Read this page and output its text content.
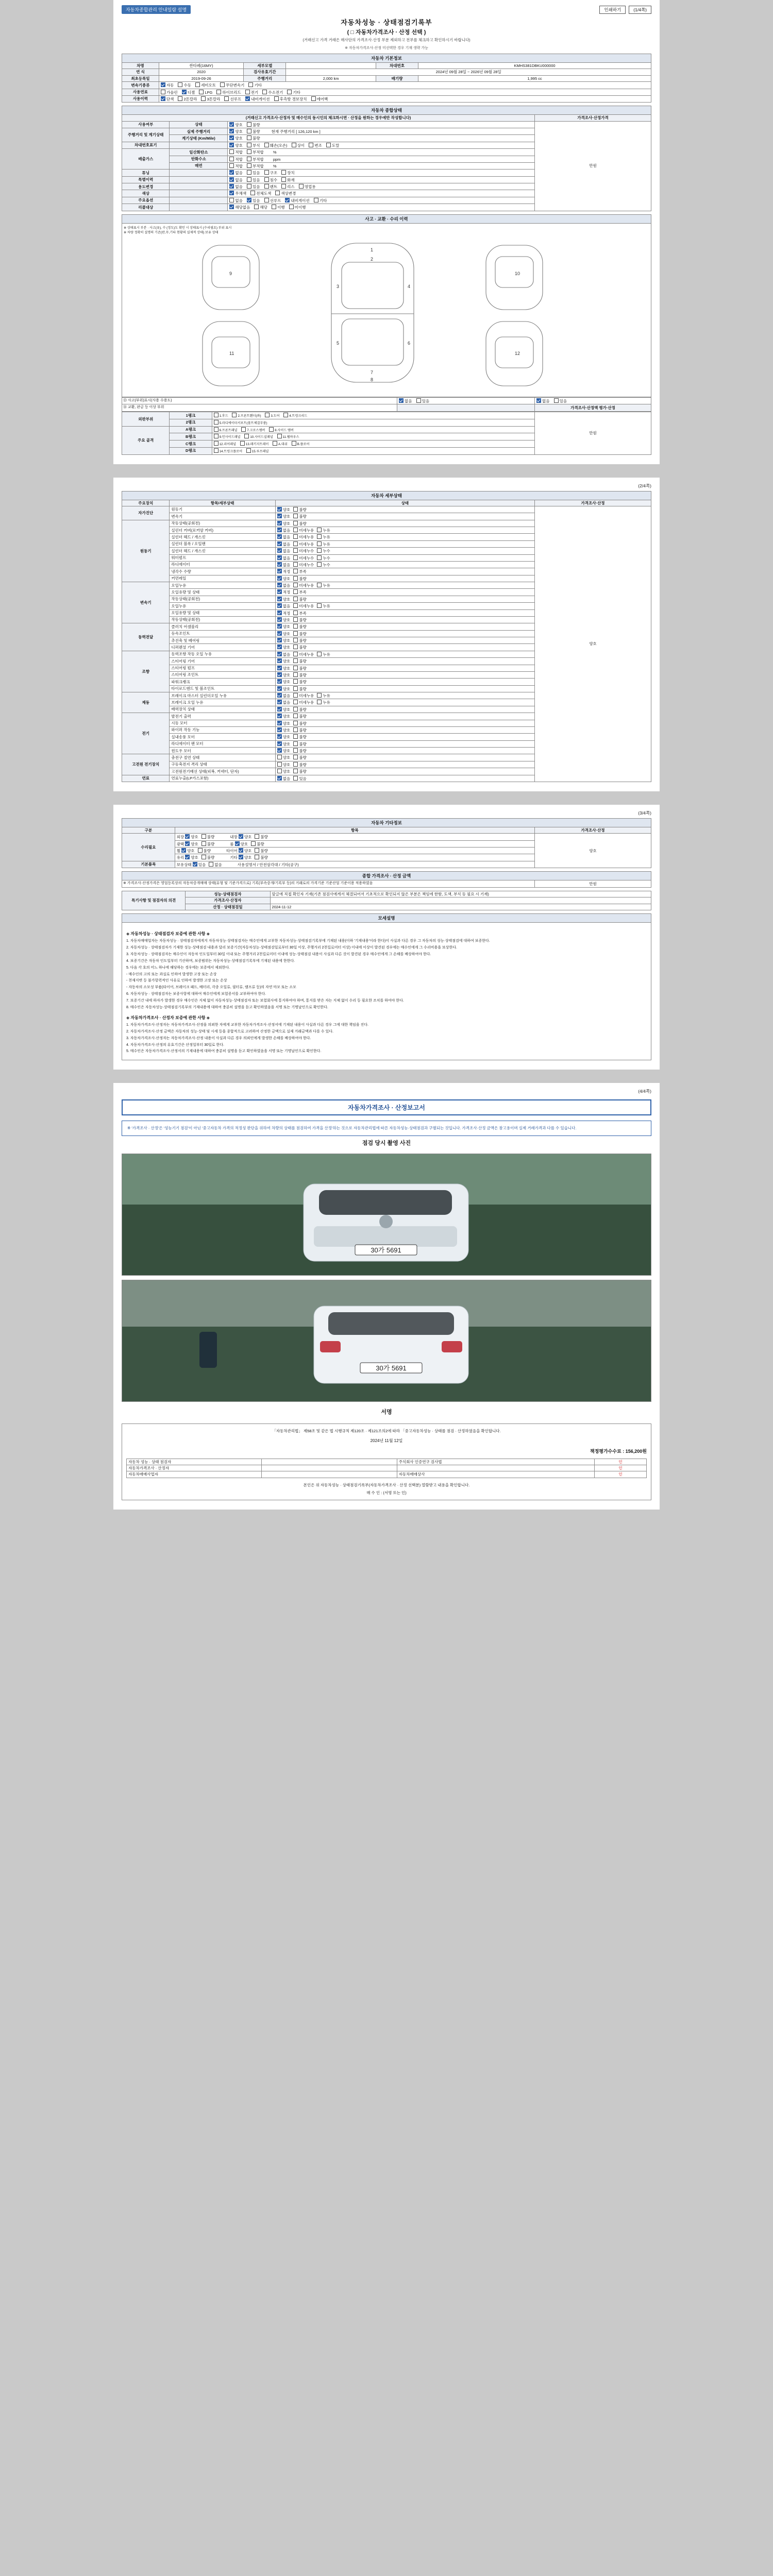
자동차종합관리 안내일람 설명	인쇄하기	(1/4쪽)
자동차성능 · 상태점검기록부
( □ 자동차가격조사 · 산정 선택 )
(거래신고 가격 거래은 매사단의 가격조사·산정 부분 제외하고 전부를 체크하고 확인하시기 바랍니다)
※ 자동차가격조사·산정 미선택한 경우 기재 생략 가능
자동차 기본정보
차명	싼타페(16MY)	세부모델		차대번호	KMHS381DBKU000000
연 식	2020	검사유효기간	2024년 09월 28일 ~ 2026년 09월 28일		
최초등록일	2019-09-26	주행거리	2,000 km	배기량	1,995 cc
변속기종류	자동 수동 세미오토 무단변속기 기타				
사용연료	가솔린 디젤 LPG 하이브리드 전기 수소전기 기타				
사용이력	단색 2톤칼라 3톤칼라 선루프 내비게이션 후측방 경보장치 에어백				
자동차 종합상태
(거래신고 가격조사·산정자 및 매수인의 동시인의 체크하시면 · 산정을 원하는 경우에만 작성합니다)			가격조사·산정가격
사용여부	상태	양호 불량	만원
주행거리 및 계기상태	실제 주행거리	양호 불량 현재 주행거리 [ 126,120 km ]	
	계기상태 (Km/Mile)	양호 불량	
차대번호표기		양호 부식 훼손(오손) 상이 변조 도말	
배출가스	일산화탄소	적합 부적합 %	
	탄화수소	적합 부적합 ppm	
	매연	적합 부적합 %	
튜닝		없음 있음 구조 장치	
특별이력		없음 있음 침수 화재	
용도변경		없음 있음 렌트 리스 영업용	
색상		무채색 전체도색 색상변경	
주요옵션		없음 있음 선루프 내비게이션 기타	
리콜대상		해당없음 해당 이행 미이행	
사고 · 교환 · 수리 이력
※ 상태표시 부분 · 사고(유), 수 (정도)도 확인 시 상태표시 (수리필요) 부위 표시
※ 차량 정확히 설명의 기준(판,무,기타 현황의 실제적 상태) 보유 상태
1
2
3	4
5	6
7
8
9	10
11	12
⑬ 사고(부위)표시(사용 수용도)	없음 있음	없음 있음
⑭ 교환, 판금 등 이상 부위		가격조사·산정액 평가·산정
외판부위	1랭크	1.후드 2.프론트휀더(좌) 3.도어 4.트렁크리드	만원
	2랭크	5.라디에이터서포트(볼트체결부품)	
주요 골격	A랭크	6.프론트패널 7.크로스멤버 8.사이드 멤버	
	B랭크	9.인사이드패널 10.사이드실패널 11.휠하우스	
	C랭크	12.리어패널 13.패키지트레이 A.대쉬 B.플로어	
	D랭크	14.트렁크플로어 15.루프패널	
(2/4쪽)
자동차 세부상태
주요장치	항목/세부상태	상태	가격조사·산정
자가진단	원동기	양호 불량	양호
	변속기	양호 불량	
원동기	작동상태(공회전)	양호 불량	
	실린더 커버(로커암 커버)	없음 미세누유 누유	
	실린더 헤드 / 개스킷	없음 미세누유 누유	
	실린더 블록 / 오일팬	없음 미세누유 누유	
	실린더 헤드 / 개스킷	없음 미세누수 누수	
	워터펌프	없음 미세누수 누수	
	라디에이터	없음 미세누수 누수	
	냉각수 수량	적정 부족	
	커먼레일	양호 불량	
변속기	오일누유	없음 미세누유 누유	
	오일유량 및 상태	적정 부족	
	작동상태(공회전)	양호 불량	
	오일누유	없음 미세누유 누유	
	오일유량 및 상태	적정 부족	
	작동상태(공회전)	양호 불량	
동력전달	클러치 어셈블리	양호 불량	
	등속조인트	양호 불량	
	추진축 및 베어링	양호 불량	
	디퍼렌셜 기어	양호 불량	
조향	동력조향 작동 오일 누유	없음 미세누유 누유	
	스티어링 기어	양호 불량	
	스티어링 펌프	양호 불량	
	스티어링 조인트	양호 불량	
	파워크랭크	양호 불량	
	타이로드엔드 및 볼조인트	양호 불량	
제동	브레이크 마스터 실린더오일 누유	없음 미세누유 누유	
	브레이크 오일 누유	없음 미세누유 누유	
	배력장치 상태	양호 불량	
전기	발전기 출력	양호 불량	
	시동 모터	양호 불량	
	와이퍼 작동 기능	양호 불량	
	실내송풍 모터	양호 불량	
	라디에이터 팬 모터	양호 불량	
	윈도우 모터	양호 불량	
고전원 전기장치	충전구 절연 상태	양호 불량	
	구동축전지 격리 상태	양호 불량	
	고전원전기배선 상태(피복, 커넥터, 단자)	양호 불량	
연료	연료누출(LP가스포함)	없음 있음	
(3/4쪽)
자동차 기타정보
구분	항목	가격조사·산정
수리필요	외장 양호 불량 내장 양호 불량	양호
	광택 양호 불량 룸 양호 불량	
	휠 양호 불량 타이어 양호 불량	
	유리 양호 불량 기타 양호 불량	
기본품목	보유상태 있음 없음 사용설명서 / 안전삼각대 / 기타(공구)	
종합 가격조사 · 산정 금액
※ 가격조사·산정가격은 영업등록상의 자동차중개매매 상태(유형 및 기준가격으로) 기록(부속중개/기록부 등)의 거래로의 가격기준 기준산업 기준이용 적용하였음	만원
특기사항 및 점검자의 의견	성능·상태점검자	앞글에 직접 확인자 기재(기존 점검사에게서 체결되어서 기초적으로 확인되지 않은 부분은 책임에 한함, 도색, 부식 등 필요 시 기재)
	가격조사·산정자	
	산정 · 상태점검일	2024-11-12
모세설명
◈ 자동차성능 · 상태점검자 보증에 관한 사항 ◈

1. 자동차매매업자는 자동차성능 · 상태점검자에게지 자동차성능·상태점검자는 매수인에게 교부한 자동차성능·상태점검기록부에 기재된 내용(이하 '기재내용'이라 한다)이 사실과 다른 경우 그 자동차의 성능·상태점검에 대하여 보증한다.

2. 자동차성능 · 상태점검자가 기재한 성능·상태점검 내용과 달리 보증기간(자동차성능·상태점검일로부터 30일 이상, 주행거리 2천킬로미터 이상) 이내에 이상이 발견된 경우에는 매수인에게 그 수리비용을 보상한다.

3. 자동차성능 · 상태점검자는 매수인이 자동차 인도일부터 30일 이내 또는 주행거리 2천킬로미터 이내에 성능·상태점검 내용이 사실과 다른 것이 발견된 경우 매수인에게 그 손해를 배상하여야 한다.

4. 보증기간은 자동차 인도일부터 기산하며, 보증범위는 자동차성능·상태점검기록부에 기재된 내용에 한한다.

5. 다음 각 호의 어느 하나에 해당하는 경우에는 보증에서 제외한다.

- 매수인의 고의 또는 과실로 인하여 발생한 고장 또는 손상

- 천재지변 등 불가항력적인 사유로 인하여 발생한 고장 또는 손상

- 자동차의 소모성 부품(타이어, 브레이크 패드, 배터리, 각종 오일류, 필터류, 램프류 등)의 자연 마모 또는 소모

6. 자동차성능 · 상태점검자는 보증사항에 대하여 매수인에게 보험증서를 교부하여야 한다.

7. 보증기간 내에 하자가 발생한 경우 매수인은 지체 없이 자동차성능·상태점검자 또는 보험회사에 통지하여야 하며, 통지를 받은 자는 지체 없이 수리 등 필요한 조치를 하여야 한다.

8. 매수인은 자동차성능·상태점검기록부의 기재내용에 대하여 충분히 설명을 듣고 확인하였음을 서명 또는 기명날인으로 확인한다.

◈ 자동차가격조사 · 산정자 보증에 관한 사항 ◈

1. 자동차가격조사·산정자는 자동차가격조사·산정을 의뢰한 자에게 교부한 자동차가격조사·산정서에 기재된 내용이 사실과 다른 경우 그에 대한 책임을 진다.

2. 자동차가격조사·산정 금액은 자동차의 성능·상태 및 시세 등을 종합적으로 고려하여 산정한 금액으로 실제 거래금액과 다를 수 있다.

3. 자동차가격조사·산정자는 자동차가격조사·산정 내용이 사실과 다른 경우 의뢰인에게 발생한 손해를 배상하여야 한다.

4. 자동차가격조사·산정의 유효기간은 산정일부터 30일로 한다.

5. 매수인은 자동차가격조사·산정서의 기재내용에 대하여 충분히 설명을 듣고 확인하였음을 서명 또는 기명날인으로 확인한다.

(4/4쪽)
자동차가격조사 · 산정보고서
※ '가격조사 · 산정'은 '성능기기 점검'이 아닌 '중고자동차 가격의 적정성 판단을 위하여 차량의 상태를 점검하여 가격을 산정'하는 것으로 자동차관리법에 따른 자동차성능·상태점검과 구별되는 것입니다. 가격조사·산정 금액은 참고용이며 실제 거래가격과 다를 수 있습니다.
점검 당시 촬영 사진
30가 5691
30가 5691
서명
「자동차관리법」 제58조 및 같은 법 시행규칙 제120조 · 제121조의2에 따라 「중고자동차성능 · 상태를 점검 · 산정하였음을 확인합니다.
2024년 11월 12일
책정평가수수료 : 156,200원
자동차 성능 · 상태 점검자		주식회사 인증연구 검사법	인
자동차가격조사 · 산정자			인
자동차매매사업자		자동차매매상사	인
본인은 위 자동차성능 · 상태점검기록부(자동차가격조사 · 산정 선택분) 열람받고 내용을 확인합니다.
매 수 인 : (서명 또는 인)
